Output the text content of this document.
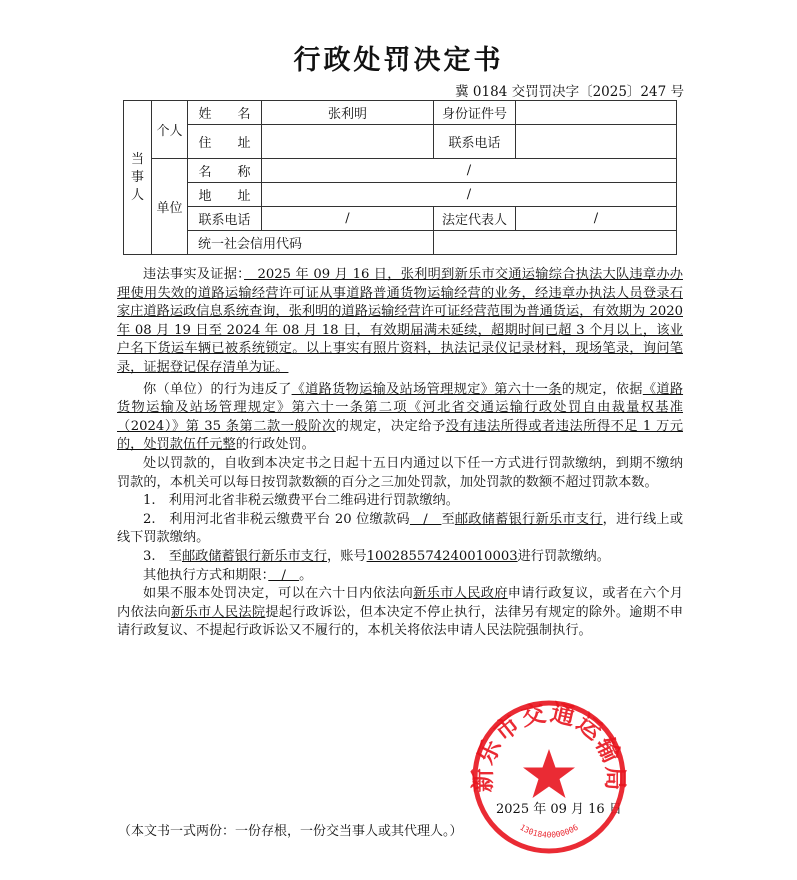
行政处罚决定书
冀 0184 交罚罚决字〔2025〕247 号
当事人	个人	姓　　名	张利明	身份证件号	
		住　　址		联系电话	
	单位	名　　称	/		
		地　　址	/		
		联系电话	/	法定代表人	/
		统一社会信用代码			

违法事实及证据：　2025 年 09 月 16 日，张利明到新乐市交通运输综合执法大队违章办办理使用失效的道路运输经营许可证从事道路普通货物运输经营的业务，经违章办执法人员登录石家庄道路运政信息系统查询，张利明的道路运输经营许可证经营范围为普通货运，有效期为 2020 年 08 月 19 日至 2024 年 08 月 18 日，有效期届满未延续，超期时间已超 3 个月以上，该业户名下货运车辆已被系统锁定。以上事实有照片资料，执法记录仪记录材料，现场笔录，询问笔录，证据登记保存清单为证。

你（单位）的行为违反了《道路货物运输及站场管理规定》第六十一条的规定，依据《道路货物运输及站场管理规定》第六十一条第二项《河北省交通运输行政处罚自由裁量权基准（2024）》第 35 条第二款一般阶次的规定，决定给予没有违法所得或者违法所得不足 1 万元的，处罚款伍仟元整的行政处罚。

处以罚款的，自收到本决定书之日起十五日内通过以下任一方式进行罚款缴纳，到期不缴纳罚款的，本机关可以每日按罚款数额的百分之三加处罚款，加处罚款的数额不超过罚款本数。

1.　利用河北省非税云缴费平台二维码进行罚款缴纳。

2.　利用河北省非税云缴费平台 20 位缴款码　/　至邮政储蓄银行新乐市支行，进行线上或线下罚款缴纳。

3.　至邮政储蓄银行新乐市支行，账号100285574240010003进行罚款缴纳。

其他执行方式和期限：　/　。

如果不服本处罚决定，可以在六十日内依法向新乐市人民政府申请行政复议，或者在六个月内依法向新乐市人民法院提起行政诉讼，但本决定不停止执行，法律另有规定的除外。逾期不申请行政复议、不提起行政诉讼又不履行的，本机关将依法申请人民法院强制执行。

2025 年 09 月 16 日
新乐市交通运输局
1301840000006
（本文书一式两份：一份存根，一份交当事人或其代理人。）
